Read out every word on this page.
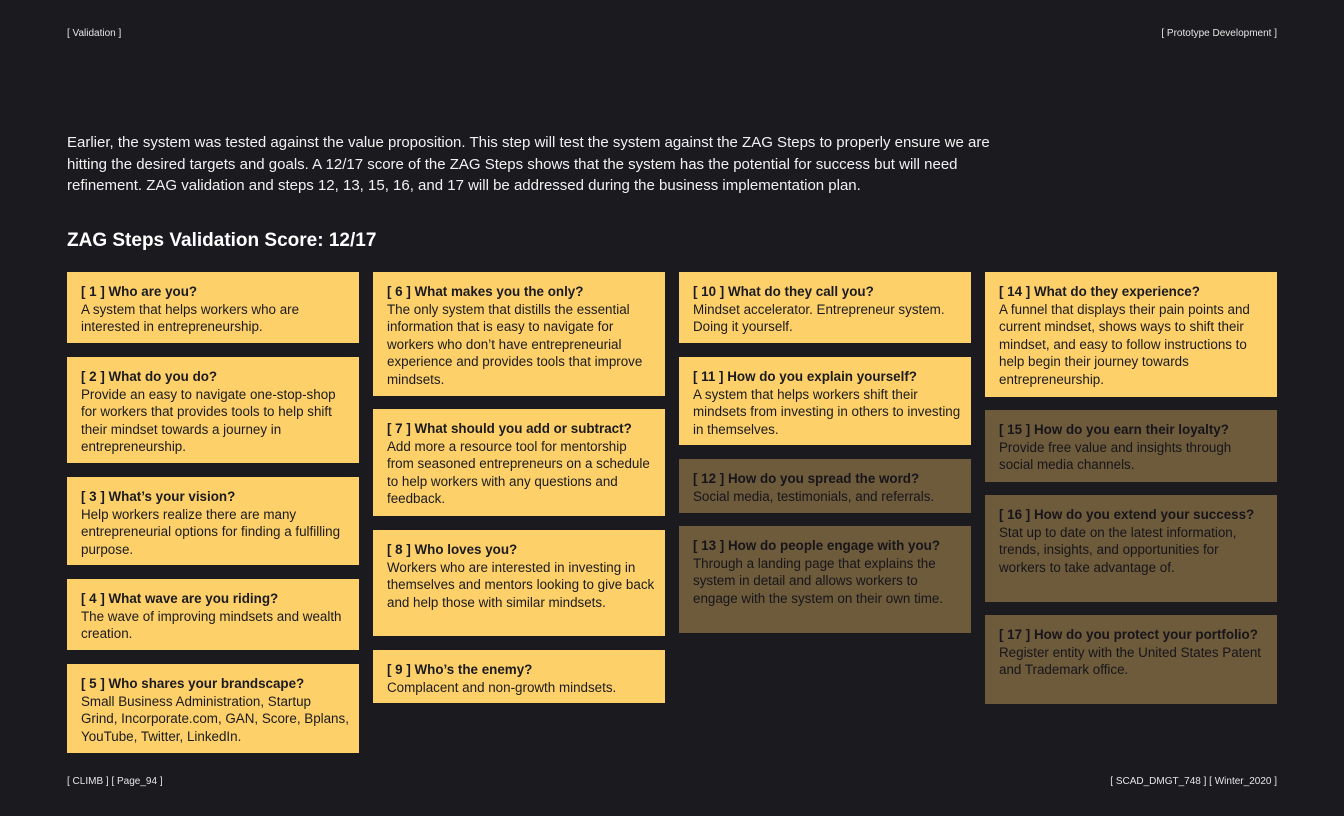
[ Validation ]	[ Prototype Development ]

Earlier, the system was tested against the value proposition. This step will test the system against the ZAG Steps to properly ensure we are hitting the desired targets and goals. A 12/17 score of the ZAG Steps shows that the system has the potential for success but will need refinement. ZAG validation and steps 12, 13, 15, 16, and 17 will be addressed during the business implementation plan.

ZAG Steps Validation Score: 12/17
[ 1 ] Who are you?
A system that helps workers who are interested in entrepreneurship.
[ 2 ] What do you do?
Provide an easy to navigate one-stop-shop for workers that provides tools to help shift their mindset towards a journey in entrepreneurship.
[ 3 ] What’s your vision?
Help workers realize there are many entrepreneurial options for finding a fulfilling purpose.
[ 4 ] What wave are you riding?
The wave of improving mindsets and wealth creation.
[ 5 ] Who shares your brandscape?
Small Business Administration, Startup Grind, Incorporate.com, GAN, Score, Bplans, YouTube, Twitter, LinkedIn.
[ 6 ] What makes you the only?
The only system that distills the essential information that is easy to navigate for workers who don’t have entrepreneurial experience and provides tools that improve mindsets.
[ 7 ] What should you add or subtract?
Add more a resource tool for mentorship from seasoned entrepreneurs on a schedule to help workers with any questions and feedback.
[ 8 ] Who loves you?
Workers who are interested in investing in themselves and mentors looking to give back and help those with similar mindsets.
[ 9 ] Who’s the enemy?
Complacent and non-growth mindsets.
[ 10 ] What do they call you?
Mindset accelerator. Entrepreneur system. Doing it yourself.
[ 11 ] How do you explain yourself?
A system that helps workers shift their mindsets from investing in others to investing in themselves.
[ 12 ] How do you spread the word?
Social media, testimonials, and referrals.
[ 13 ] How do people engage with you?
Through a landing page that explains the system in detail and allows workers to engage with the system on their own time.
[ 14 ] What do they experience?
A funnel that displays their pain points and current mindset, shows ways to shift their mindset, and easy to follow instructions to help begin their journey towards entrepreneurship.
[ 15 ] How do you earn their loyalty?
Provide free value and insights through social media channels.
[ 16 ] How do you extend your success?
Stat up to date on the latest information, trends, insights, and opportunities for workers to take advantage of.
[ 17 ] How do you protect your portfolio?
Register entity with the United States Patent and Trademark office.
[ CLIMB ] [ Page_94 ]	[ SCAD_DMGT_748 ] [ Winter_2020 ]
